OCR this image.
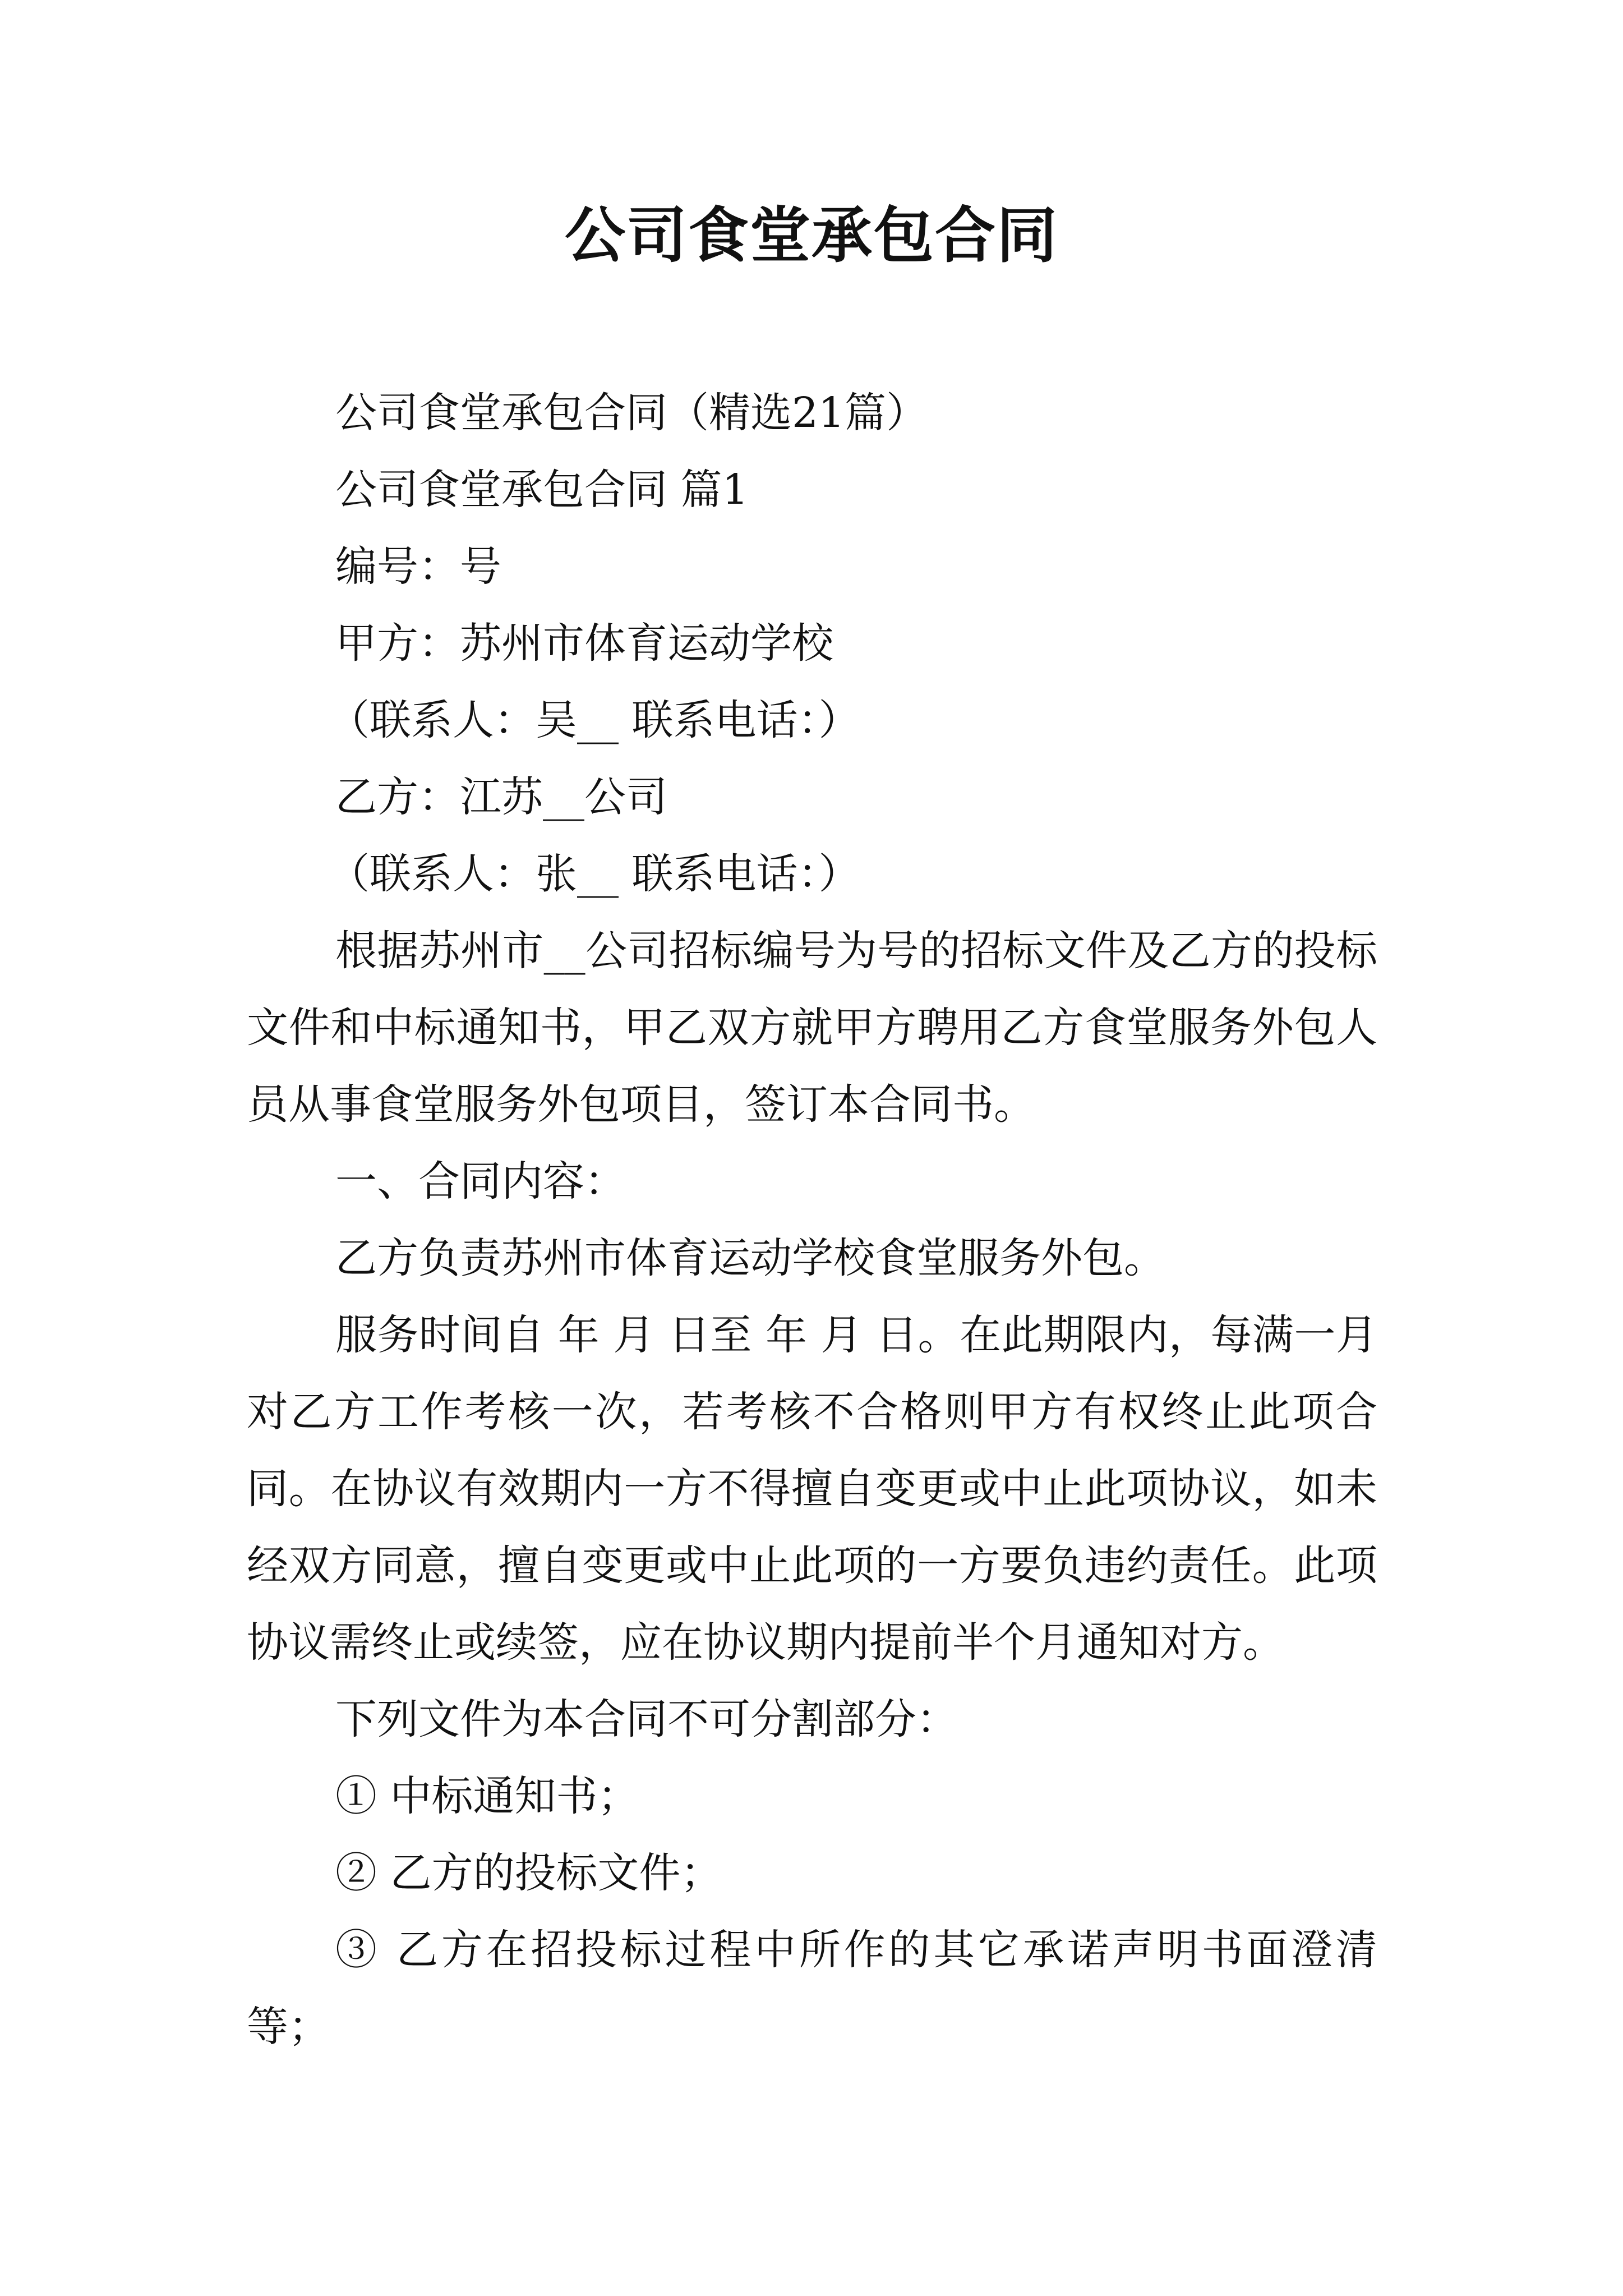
公司食堂承包合同

公司食堂承包合同（精选21篇）

公司食堂承包合同 篇1

编号：号

甲方：苏州市体育运动学校

（联系人：吴__ 联系电话：）

乙方：江苏__公司

（联系人：张__ 联系电话：）

根据苏州市__公司招标编号为号的招标文件及乙方的投标文件和中标通知书，甲乙双方就甲方聘用乙方食堂服务外包人员从事食堂服务外包项目，签订本合同书。

一、合同内容：

乙方负责苏州市体育运动学校食堂服务外包。

服务时间自 年 月 日至 年 月 日。在此期限内，每满一月对乙方工作考核一次，若考核不合格则甲方有权终止此项合同。在协议有效期内一方不得擅自变更或中止此项协议，如未经双方同意，擅自变更或中止此项的一方要负违约责任。此项协议需终止或续签，应在协议期内提前半个月通知对方。

下列文件为本合同不可分割部分：

① 中标通知书；

② 乙方的投标文件；

③ 乙方在招投标过程中所作的其它承诺声明书面澄清等；
